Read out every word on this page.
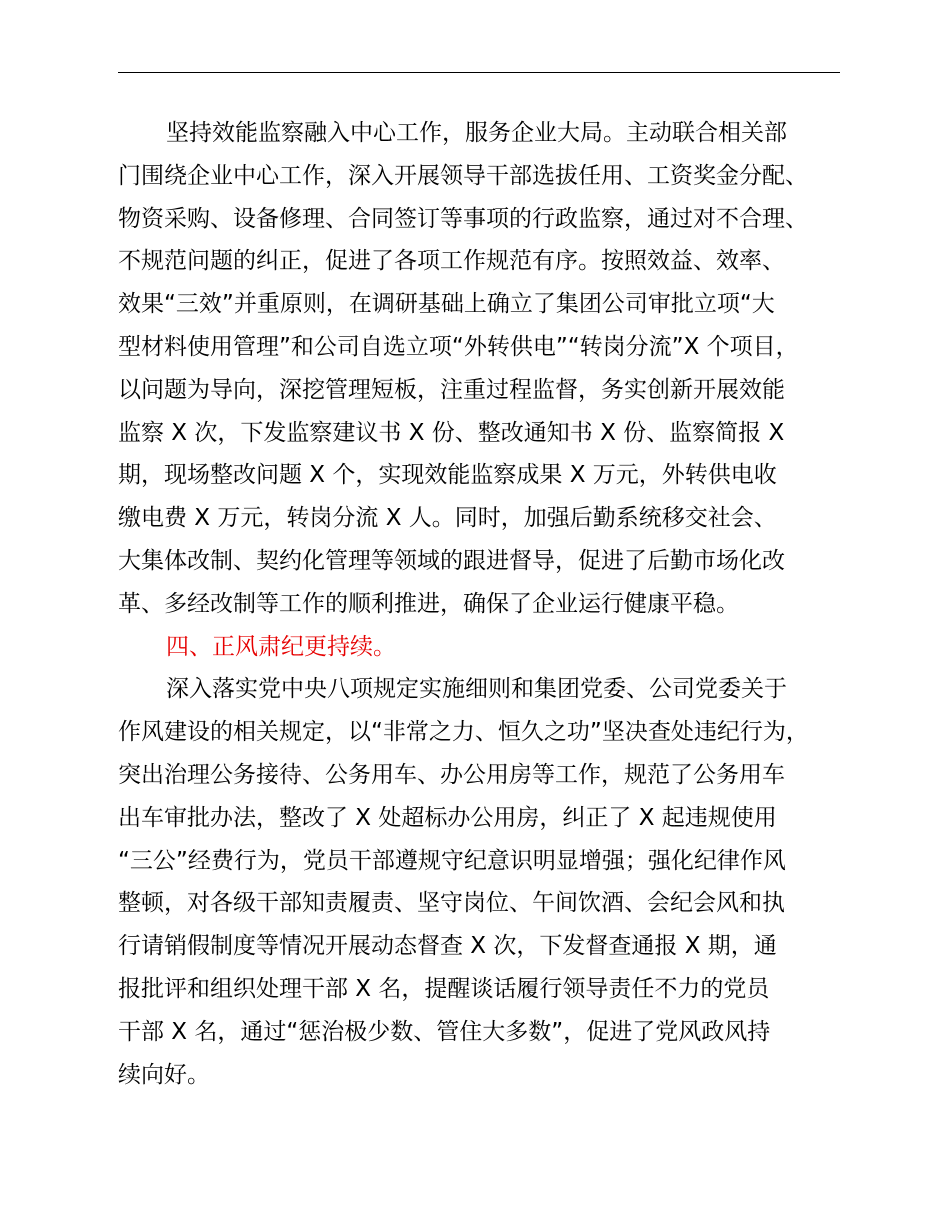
坚持效能监察融入中心工作，服务企业大局。主动联合相关部
门围绕企业中心工作，深入开展领导干部选拔任用、工资奖金分配、
物资采购、设备修理、合同签订等事项的行政监察，通过对不合理、
不规范问题的纠正，促进了各项工作规范有序。按照效益、效率、
效果“三效”并重原则，在调研基础上确立了集团公司审批立项“大
型材料使用管理”和公司自选立项“外转供电”“转岗分流”X 个项目，
以问题为导向，深挖管理短板，注重过程监督，务实创新开展效能
监察 X 次，下发监察建议书 X 份、整改通知书 X 份、监察简报 X
期，现场整改问题 X 个，实现效能监察成果 X 万元，外转供电收
缴电费 X 万元，转岗分流 X 人。同时，加强后勤系统移交社会、
大集体改制、契约化管理等领域的跟进督导，促进了后勤市场化改
革、多经改制等工作的顺利推进，确保了企业运行健康平稳。
四、正风肃纪更持续。
深入落实党中央八项规定实施细则和集团党委、公司党委关于
作风建设的相关规定，以“非常之力、恒久之功”坚决查处违纪行为，
突出治理公务接待、公务用车、办公用房等工作，规范了公务用车
出车审批办法，整改了 X 处超标办公用房，纠正了 X 起违规使用
“三公”经费行为，党员干部遵规守纪意识明显增强；强化纪律作风
整顿，对各级干部知责履责、坚守岗位、午间饮酒、会纪会风和执
行请销假制度等情况开展动态督查 X 次，下发督查通报 X 期，通
报批评和组织处理干部 X 名，提醒谈话履行领导责任不力的党员
干部 X 名，通过“惩治极少数、管住大多数”，促进了党风政风持
续向好。
